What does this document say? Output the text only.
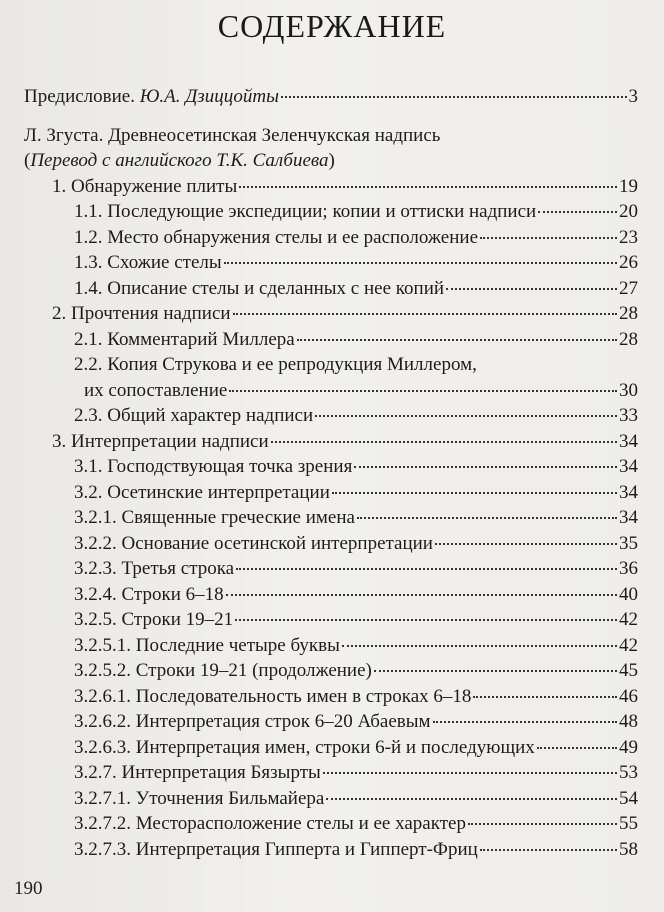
СОДЕРЖАНИЕ
Предисловие. Ю.А. Дзиццойты	3
Л. Згуста. Древнеосетинская Зеленчукская надпись
(Перевод с английского Т.К. Салбиева)
1. Обнаружение плиты	19
1.1. Последующие экспедиции; копии и оттиски надписи	20
1.2. Место обнаружения стелы и ее расположение	23
1.3. Схожие стелы	26
1.4. Описание стелы и сделанных с нее копий	27
2. Прочтения надписи	28
2.1. Комментарий Миллера	28
2.2. Копия Струкова и ее репродукция Миллером,
их сопоставление	30
2.3. Общий характер надписи	33
3. Интерпретации надписи	34
3.1. Господствующая точка зрения	34
3.2. Осетинские интерпретации	34
3.2.1. Священные греческие имена	34
3.2.2. Основание осетинской интерпретации	35
3.2.3. Третья строка	36
3.2.4. Строки 6–18	40
3.2.5. Строки 19–21	42
3.2.5.1. Последние четыре буквы	42
3.2.5.2. Строки 19–21 (продолжение)	45
3.2.6.1. Последовательность имен в строках 6–18	46
3.2.6.2. Интерпретация строк 6–20 Абаевым	48
3.2.6.3. Интерпретация имен, строки 6-й и последующих	49
3.2.7. Интерпретация Бязырты	53
3.2.7.1. Уточнения Бильмайера	54
3.2.7.2. Месторасположение стелы и ее характер	55
3.2.7.3. Интерпретация Гипперта и Гипперт-Фриц	58
190
